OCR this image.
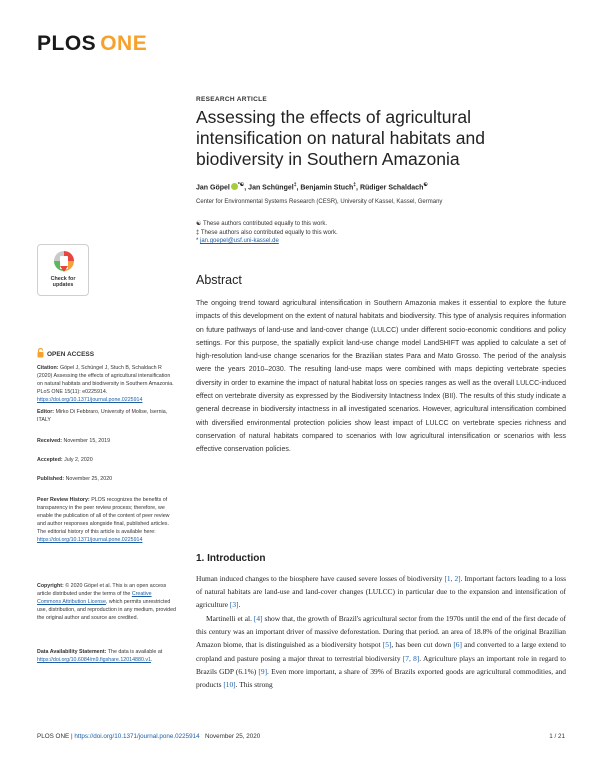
PLOS ONE
RESEARCH ARTICLE
Assessing the effects of agricultural intensification on natural habitats and biodiversity in Southern Amazonia
Jan Göpel *☯, Jan Schüngel‡, Benjamin Stuch‡, Rüdiger Schaldach☯
Center for Environmental Systems Research (CESR), University of Kassel, Kassel, Germany
☯ These authors contributed equally to this work.
‡ These authors also contributed equally to this work.
* jan.goepel@usf.uni-kassel.de
Check for
updates
OPEN ACCESS
Citation: Göpel J, Schüngel J, Stuch B, Schaldach R (2020) Assessing the effects of agricultural intensification on natural habitats and biodiversity in Southern Amazonia. PLoS ONE 15(11): e0225914. https://doi.org/10.1371/journal.pone.0225914
Editor: Mirko Di Febbraro, University of Molise, Isernia, ITALY
Received: November 15, 2019
Accepted: July 2, 2020
Published: November 25, 2020
Peer Review History: PLOS recognizes the benefits of transparency in the peer review process; therefore, we enable the publication of all of the content of peer review and author responses alongside final, published articles. The editorial history of this article is available here: https://doi.org/10.1371/journal.pone.0225914
Copyright: © 2020 Göpel et al. This is an open access article distributed under the terms of the Creative Commons Attribution License, which permits unrestricted use, distribution, and reproduction in any medium, provided the original author and source are credited.
Data Availability Statement: The data is available at https://doi.org/10.6084/m9.figshare.12014880.v1.
Abstract
The ongoing trend toward agricultural intensification in Southern Amazonia makes it essential to explore the future impacts of this development on the extent of natural habitats and biodiversity. This type of analysis requires information on future pathways of land-use and land-cover change (LULCC) under different socio-economic conditions and policy settings. For this purpose, the spatially explicit land-use change model LandSHIFT was applied to calculate a set of high-resolution land-use change scenarios for the Brazilian states Para and Mato Grosso. The period of the analysis were the years 2010–2030. The resulting land-use maps were combined with maps depicting vertebrate species diversity in order to examine the impact of natural habitat loss on species ranges as well as the overall LULCC-induced effect on vertebrate diversity as expressed by the Biodiversity Intactness Index (BII). The results of this study indicate a general decrease in biodiversity intactness in all investigated scenarios. However, agricultural intensification combined with diversified environmental protection policies show least impact of LULCC on vertebrate species richness and conservation of natural habitats compared to scenarios with low agricultural intensification or scenarios with less effective conservation policies.
1. Introduction
Human induced changes to the biosphere have caused severe losses of biodiversity [1, 2]. Important factors leading to a loss of natural habitats are land-use and land-cover changes (LULCC) in particular due to the expansion and intensification of agriculture [3].
Martinelli et al. [4] show that, the growth of Brazil's agricultural sector from the 1970s until the end of the first decade of this century was an important driver of massive deforestation. During that period. an area of 18.8% of the original Brazilian Amazon biome, that is distinguished as a biodiversity hotspot [5], has been cut down [6] and converted to a large extend to cropland and pasture posing a major threat to terrestrial biodiversity [7, 8]. Agriculture plays an important role in regard to Brazils GDP (6.1%) [9]. Even more important, a share of 39% of Brazils exported goods are agricultural commodities, and products [10]. This strong
PLOS ONE | https://doi.org/10.1371/journal.pone.0225914 November 25, 2020	1 / 21
